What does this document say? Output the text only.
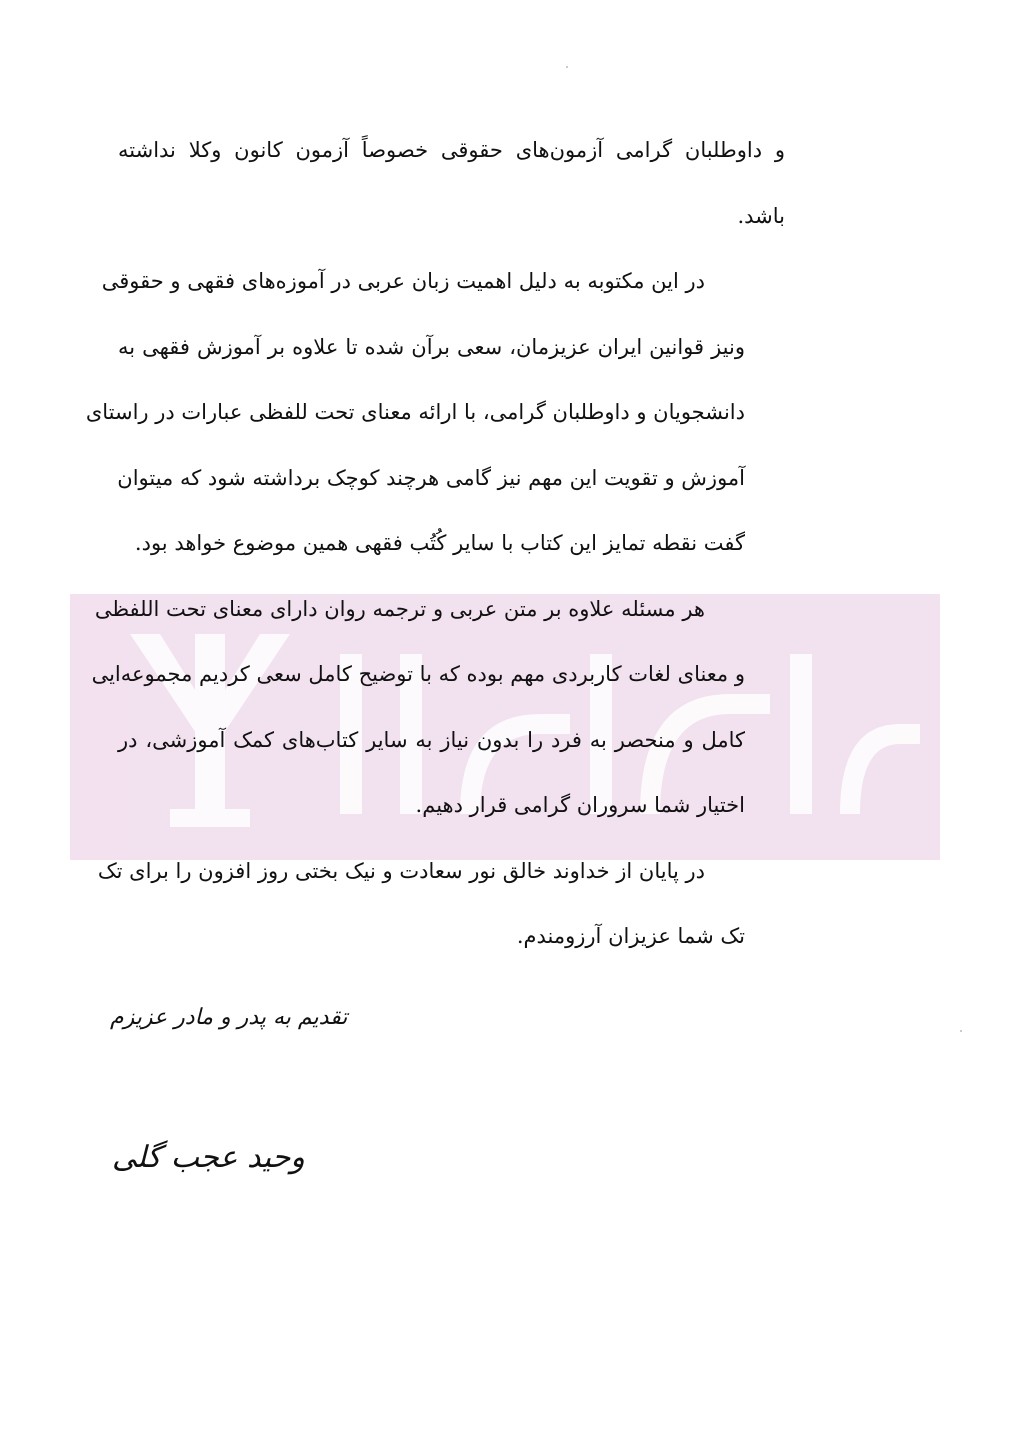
و داوطلبان گرامی آزمون‌های حقوقی خصوصاً آزمون کانون وکلا نداشته
باشد.
در این مکتوبه به دلیل اهمیت زبان عربی در آموزه‌های فقهی و حقوقی
ونیز قوانین ایران عزیزمان، سعی برآن شده تا علاوه بر آموزش فقهی به
دانشجویان و داوطلبان گرامی، با ارائه معنای تحت للفظی عبارات در راستای
آموزش و تقویت این مهم نیز گامی هرچند کوچک برداشته شود که میتوان
گفت نقطه تمایز این کتاب با سایر کُتُب فقهی همین موضوع خواهد بود.
هر مسئله علاوه بر متن عربی و ترجمه روان دارای معنای تحت اللفظی
و معنای لغات کاربردی مهم بوده که با توضیح کامل سعی کردیم مجموعه‌ایی
کامل و منحصر به فرد را بدون نیاز به سایر کتاب‌های کمک آموزشی، در
اختیار شما سروران گرامی قرار دهیم.
در پایان از خداوند خالق نور سعادت و نیک بختی روز افزون را برای تک
تک شما عزیزان آرزومندم.
تقدیم به پدر و مادر عزیزم
وحید عجب گلی
